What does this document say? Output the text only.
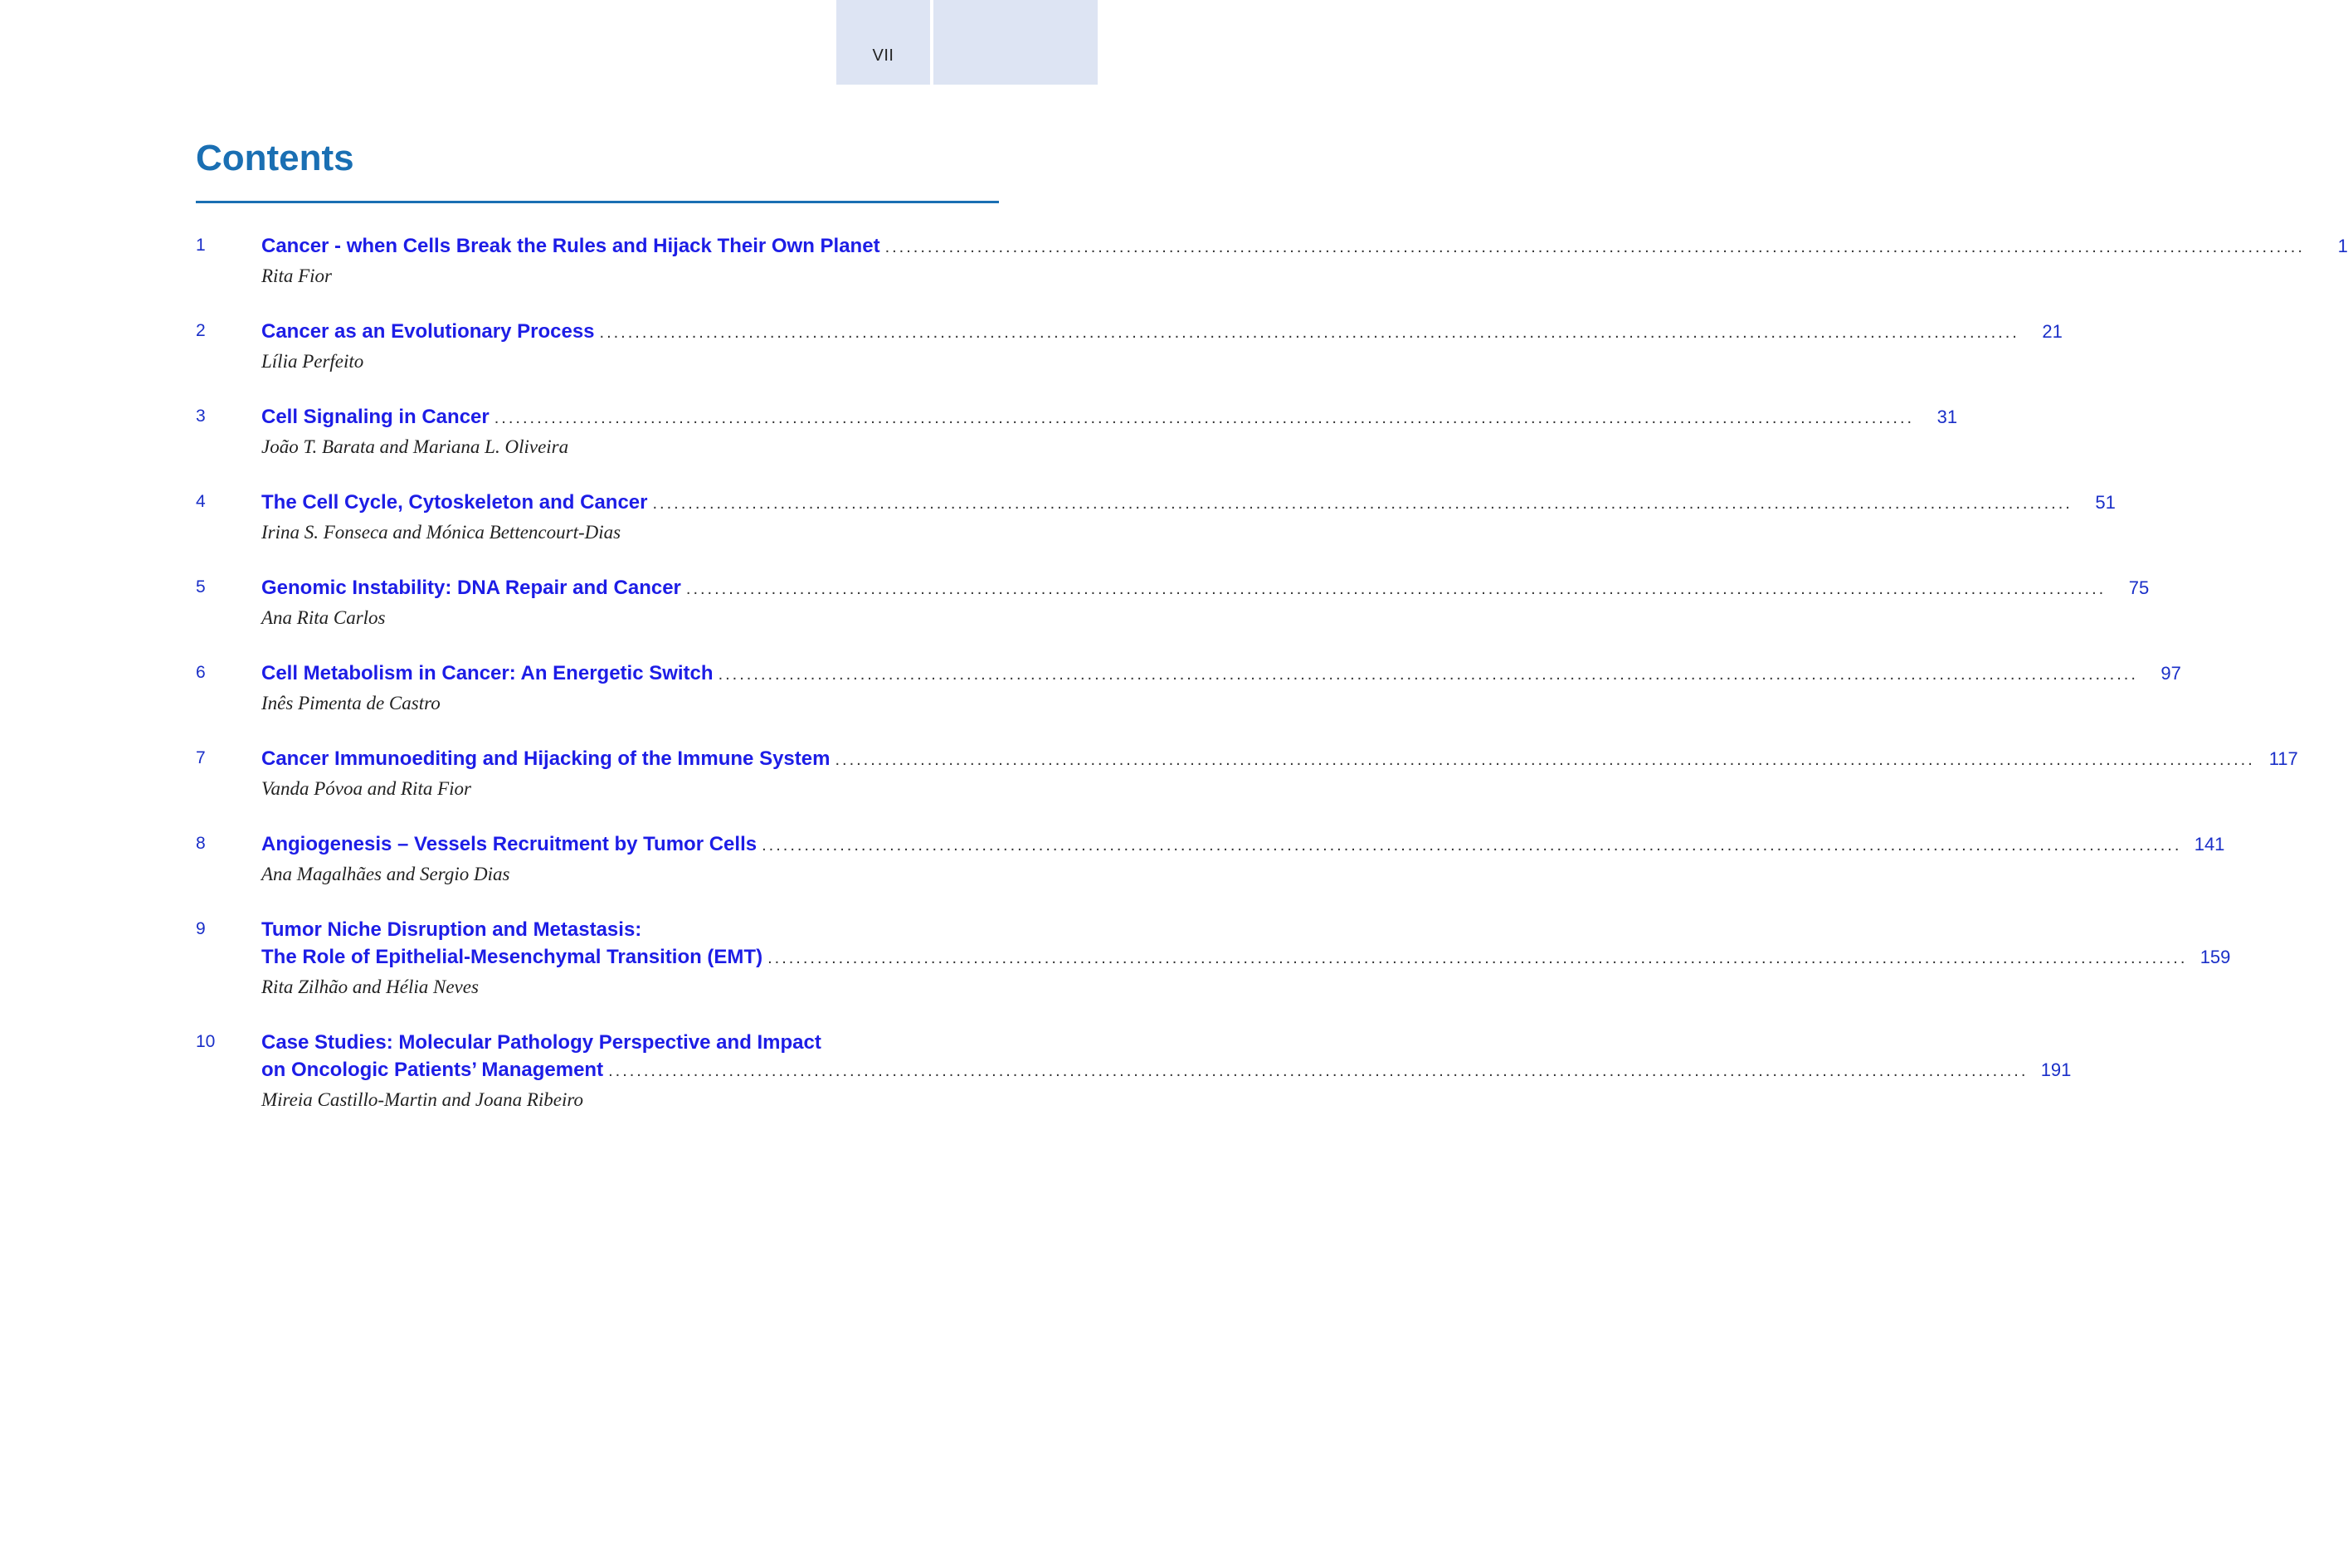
VII
Contents
1	Cancer - when Cells Break the Rules and Hijack Their Own Planet ........................................................................................................................................................................................................	1
Rita Fior
2	Cancer as an Evolutionary Process ........................................................................................................................................................................................................	21
Lília Perfeito
3	Cell Signaling in Cancer ........................................................................................................................................................................................................	31
João T. Barata and Mariana L. Oliveira
4	The Cell Cycle, Cytoskeleton and Cancer ........................................................................................................................................................................................................	51
Irina S. Fonseca and Mónica Bettencourt-Dias
5	Genomic Instability: DNA Repair and Cancer ........................................................................................................................................................................................................	75
Ana Rita Carlos
6	Cell Metabolism in Cancer: An Energetic Switch ........................................................................................................................................................................................................	97
Inês Pimenta de Castro
7	Cancer Immunoediting and Hijacking of the Immune System ........................................................................................................................................................................................................ 117
Vanda Póvoa and Rita Fior
8	Angiogenesis – Vessels Recruitment by Tumor Cells ........................................................................................................................................................................................................ 141
Ana Magalhães and Sergio Dias
9	Tumor Niche Disruption and Metastasis:
The Role of Epithelial-Mesenchymal Transition (EMT) ........................................................................................................................................................................................................ 159
Rita Zilhão and Hélia Neves
10	Case Studies: Molecular Pathology Perspective and Impact
on Oncologic Patients’ Management ........................................................................................................................................................................................................ 191
Mireia Castillo-Martin and Joana Ribeiro
